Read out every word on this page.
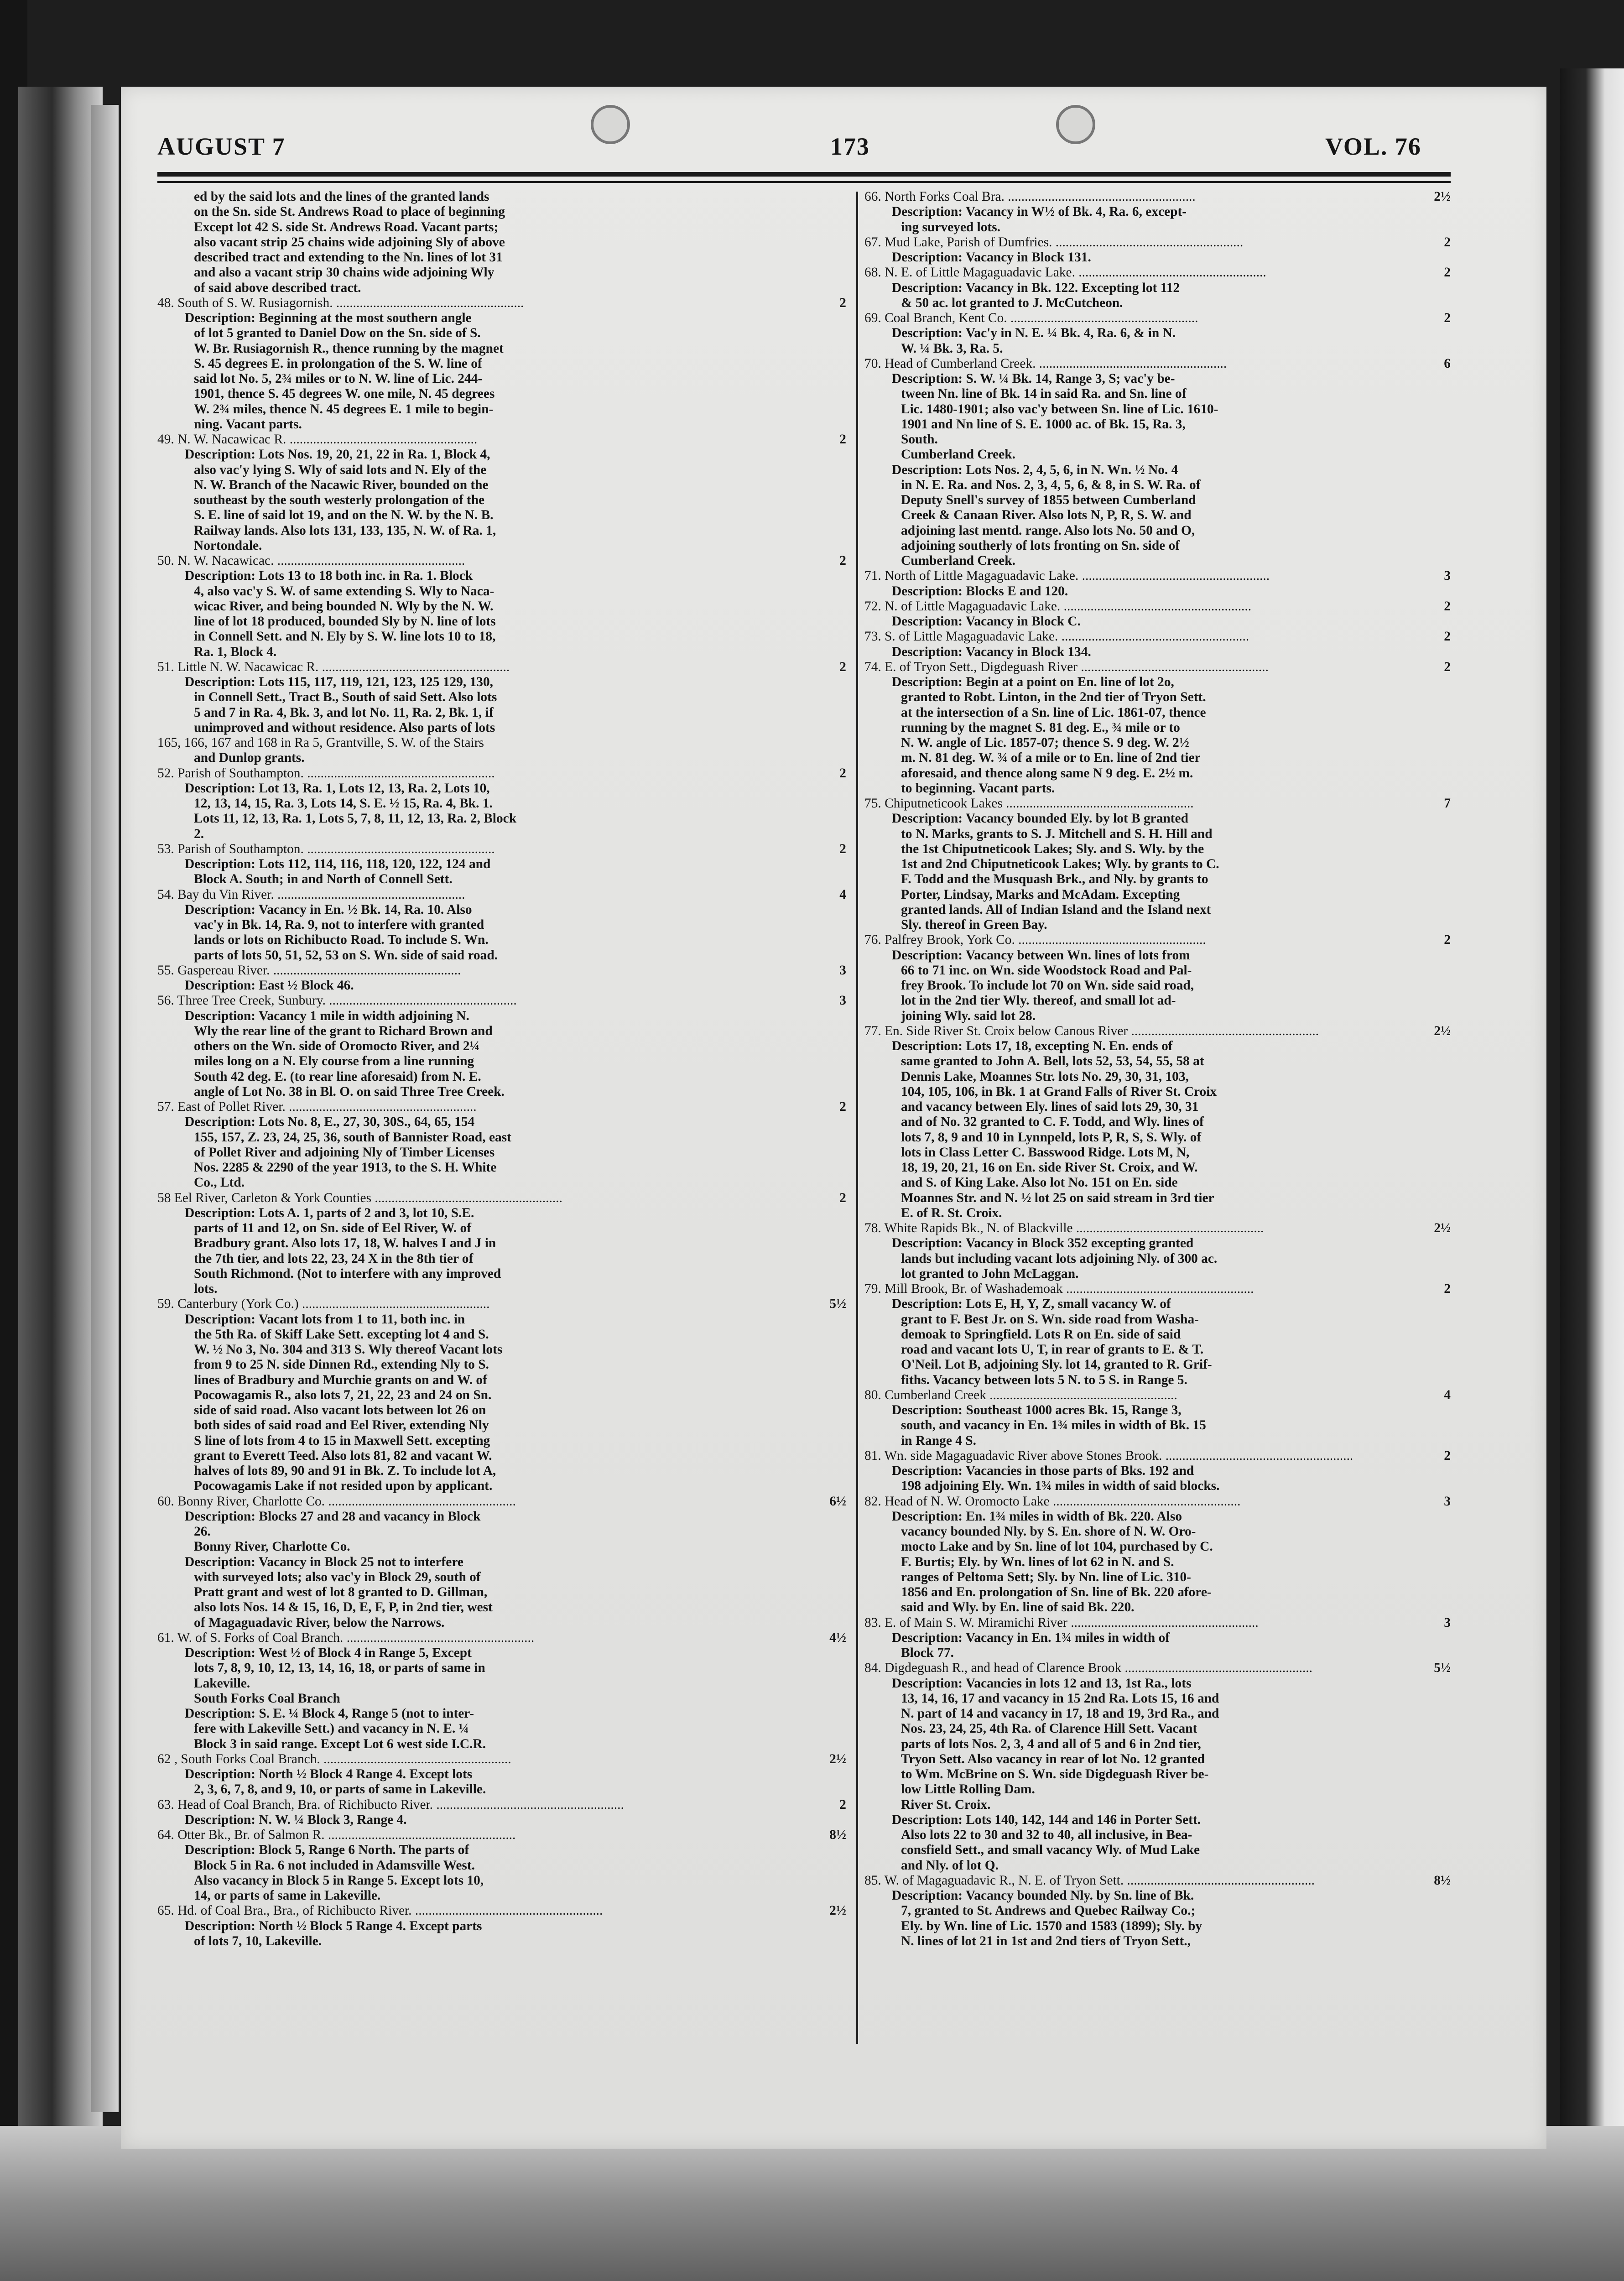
AUGUST 7	173	VOL. 76
ed by the said lots and the lines of the granted lands
on the Sn. side St. Andrews Road to place of beginning
Except lot 42 S. side St. Andrews Road. Vacant parts;
also vacant strip 25 chains wide adjoining Sly of above
described tract and extending to the Nn. lines of lot 31
and also a vacant strip 30 chains wide adjoining Wly
of said above described tract.
48. South of S. W. Rusiagornish. ........................................................	2
Description: Beginning at the most southern angle
of lot 5 granted to Daniel Dow on the Sn. side of S.
W. Br. Rusiagornish R., thence running by the magnet
S. 45 degrees E. in prolongation of the S. W. line of
said lot No. 5, 2¾ miles or to N. W. line of Lic. 244-
1901, thence S. 45 degrees W. one mile, N. 45 degrees
W. 2¾ miles, thence N. 45 degrees E. 1 mile to begin-
ning. Vacant parts.
49. N. W. Nacawicac R. ........................................................	2
Description: Lots Nos. 19, 20, 21, 22 in Ra. 1, Block 4,
also vac'y lying S. Wly of said lots and N. Ely of the
N. W. Branch of the Nacawic River, bounded on the
southeast by the south westerly prolongation of the
S. E. line of said lot 19, and on the N. W. by the N. B.
Railway lands. Also lots 131, 133, 135, N. W. of Ra. 1,
Nortondale.
50. N. W. Nacawicac. ........................................................	2
Description: Lots 13 to 18 both inc. in Ra. 1. Block
4, also vac'y S. W. of same extending S. Wly to Naca-
wicac River, and being bounded N. Wly by the N. W.
line of lot 18 produced, bounded Sly by N. line of lots
in Connell Sett. and N. Ely by S. W. line lots 10 to 18,
Ra. 1, Block 4.
51. Little N. W. Nacawicac R. ........................................................	2
Description: Lots 115, 117, 119, 121, 123, 125 129, 130,
in Connell Sett., Tract B., South of said Sett. Also lots
5 and 7 in Ra. 4, Bk. 3, and lot No. 11, Ra. 2, Bk. 1, if
unimproved and without residence. Also parts of lots
165, 166, 167 and 168 in Ra 5, Grantville, S. W. of the Stairs
and Dunlop grants.
52. Parish of Southampton. ........................................................	2
Description: Lot 13, Ra. 1, Lots 12, 13, Ra. 2, Lots 10,
12, 13, 14, 15, Ra. 3, Lots 14, S. E. ½ 15, Ra. 4, Bk. 1.
Lots 11, 12, 13, Ra. 1, Lots 5, 7, 8, 11, 12, 13, Ra. 2, Block
2.
53. Parish of Southampton. ........................................................	2
Description: Lots 112, 114, 116, 118, 120, 122, 124 and
Block A. South; in and North of Connell Sett.
54. Bay du Vin River. ........................................................	4
Description: Vacancy in En. ½ Bk. 14, Ra. 10. Also
vac'y in Bk. 14, Ra. 9, not to interfere with granted
lands or lots on Richibucto Road. To include S. Wn.
parts of lots 50, 51, 52, 53 on S. Wn. side of said road.
55. Gaspereau River. ........................................................	3
Description: East ½ Block 46.
56. Three Tree Creek, Sunbury. ........................................................	3
Description: Vacancy 1 mile in width adjoining N.
Wly the rear line of the grant to Richard Brown and
others on the Wn. side of Oromocto River, and 2¼
miles long on a N. Ely course from a line running
South 42 deg. E. (to rear line aforesaid) from N. E.
angle of Lot No. 38 in Bl. O. on said Three Tree Creek.
57. East of Pollet River. ........................................................	2
Description: Lots No. 8, E., 27, 30, 30S., 64, 65, 154
155, 157, Z. 23, 24, 25, 36, south of Bannister Road, east
of Pollet River and adjoining Nly of Timber Licenses
Nos. 2285 & 2290 of the year 1913, to the S. H. White
Co., Ltd.
58 Eel River, Carleton & York Counties ........................................................	2
Description: Lots A. 1, parts of 2 and 3, lot 10, S.E.
parts of 11 and 12, on Sn. side of Eel River, W. of
Bradbury grant. Also lots 17, 18, W. halves I and J in
the 7th tier, and lots 22, 23, 24 X in the 8th tier of
South Richmond. (Not to interfere with any improved
lots.
59. Canterbury (York Co.) ........................................................	5½
Description: Vacant lots from 1 to 11, both inc. in
the 5th Ra. of Skiff Lake Sett. excepting lot 4 and S.
W. ½ No 3, No. 304 and 313 S. Wly thereof Vacant lots
from 9 to 25 N. side Dinnen Rd., extending Nly to S.
lines of Bradbury and Murchie grants on and W. of
Pocowagamis R., also lots 7, 21, 22, 23 and 24 on Sn.
side of said road. Also vacant lots between lot 26 on
both sides of said road and Eel River, extending Nly
S line of lots from 4 to 15 in Maxwell Sett. excepting
grant to Everett Teed. Also lots 81, 82 and vacant W.
halves of lots 89, 90 and 91 in Bk. Z. To include lot A,
Pocowagamis Lake if not resided upon by applicant.
60. Bonny River, Charlotte Co. ........................................................	6½
Description: Blocks 27 and 28 and vacancy in Block
26.
Bonny River, Charlotte Co.
Description: Vacancy in Block 25 not to interfere
with surveyed lots; also vac'y in Block 29, south of
Pratt grant and west of lot 8 granted to D. Gillman,
also lots Nos. 14 & 15, 16, D, E, F, P, in 2nd tier, west
of Magaguadavic River, below the Narrows.
61. W. of S. Forks of Coal Branch. ........................................................	4½
Description: West ½ of Block 4 in Range 5, Except
lots 7, 8, 9, 10, 12, 13, 14, 16, 18, or parts of same in
Lakeville.
South Forks Coal Branch
Description: S. E. ¼ Block 4, Range 5 (not to inter-
fere with Lakeville Sett.) and vacancy in N. E. ¼
Block 3 in said range. Except Lot 6 west side I.C.R.
62 , South Forks Coal Branch. ........................................................	2½
Description: North ½ Block 4 Range 4. Except lots
2, 3, 6, 7, 8, and 9, 10, or parts of same in Lakeville.
63. Head of Coal Branch, Bra. of Richibucto River. ........................................................	2
Description: N. W. ¼ Block 3, Range 4.
64. Otter Bk., Br. of Salmon R. ........................................................	8½
Description: Block 5, Range 6 North. The parts of
Block 5 in Ra. 6 not included in Adamsville West.
Also vacancy in Block 5 in Range 5. Except lots 10,
14, or parts of same in Lakeville.
65. Hd. of Coal Bra., Bra., of Richibucto River. ........................................................	2½
Description: North ½ Block 5 Range 4. Except parts
of lots 7, 10, Lakeville.
66. North Forks Coal Bra. ........................................................	2½
Description: Vacancy in W½ of Bk. 4, Ra. 6, except-
ing surveyed lots.
67. Mud Lake, Parish of Dumfries. ........................................................	2
Description: Vacancy in Block 131.
68. N. E. of Little Magaguadavic Lake. ........................................................	2
Description: Vacancy in Bk. 122. Excepting lot 112
& 50 ac. lot granted to J. McCutcheon.
69. Coal Branch, Kent Co. ........................................................	2
Description: Vac'y in N. E. ¼ Bk. 4, Ra. 6, & in N.
W. ¼ Bk. 3, Ra. 5.
70. Head of Cumberland Creek. ........................................................	6
Description: S. W. ¼ Bk. 14, Range 3, S; vac'y be-
tween Nn. line of Bk. 14 in said Ra. and Sn. line of
Lic. 1480-1901; also vac'y between Sn. line of Lic. 1610-
1901 and Nn line of S. E. 1000 ac. of Bk. 15, Ra. 3,
South.
Cumberland Creek.
Description: Lots Nos. 2, 4, 5, 6, in N. Wn. ½ No. 4
in N. E. Ra. and Nos. 2, 3, 4, 5, 6, & 8, in S. W. Ra. of
Deputy Snell's survey of 1855 between Cumberland
Creek & Canaan River. Also lots N, P, R, S. W. and
adjoining last mentd. range. Also lots No. 50 and O,
adjoining southerly of lots fronting on Sn. side of
Cumberland Creek.
71. North of Little Magaguadavic Lake. ........................................................	3
Description: Blocks E and 120.
72. N. of Little Magaguadavic Lake. ........................................................	2
Description: Vacancy in Block C.
73. S. of Little Magaguadavic Lake. ........................................................	2
Description: Vacancy in Block 134.
74. E. of Tryon Sett., Digdeguash River ........................................................	2
Description: Begin at a point on En. line of lot 2o,
granted to Robt. Linton, in the 2nd tier of Tryon Sett.
at the intersection of a Sn. line of Lic. 1861-07, thence
running by the magnet S. 81 deg. E., ¾ mile or to
N. W. angle of Lic. 1857-07; thence S. 9 deg. W. 2½
m. N. 81 deg. W. ¾ of a mile or to En. line of 2nd tier
aforesaid, and thence along same N 9 deg. E. 2½ m.
to beginning. Vacant parts.
75. Chiputneticook Lakes ........................................................	7
Description: Vacancy bounded Ely. by lot B granted
to N. Marks, grants to S. J. Mitchell and S. H. Hill and
the 1st Chiputneticook Lakes; Sly. and S. Wly. by the
1st and 2nd Chiputneticook Lakes; Wly. by grants to C.
F. Todd and the Musquash Brk., and Nly. by grants to
Porter, Lindsay, Marks and McAdam. Excepting
granted lands. All of Indian Island and the Island next
Sly. thereof in Green Bay.
76. Palfrey Brook, York Co. ........................................................	2
Description: Vacancy between Wn. lines of lots from
66 to 71 inc. on Wn. side Woodstock Road and Pal-
frey Brook. To include lot 70 on Wn. side said road,
lot in the 2nd tier Wly. thereof, and small lot ad-
joining Wly. said lot 28.
77. En. Side River St. Croix below Canous River ........................................................	2½
Description: Lots 17, 18, excepting N. En. ends of
same granted to John A. Bell, lots 52, 53, 54, 55, 58 at
Dennis Lake, Moannes Str. lots No. 29, 30, 31, 103,
104, 105, 106, in Bk. 1 at Grand Falls of River St. Croix
and vacancy between Ely. lines of said lots 29, 30, 31
and of No. 32 granted to C. F. Todd, and Wly. lines of
lots 7, 8, 9 and 10 in Lynnpeld, lots P, R, S, S. Wly. of
lots in Class Letter C. Basswood Ridge. Lots M, N,
18, 19, 20, 21, 16 on En. side River St. Croix, and W.
and S. of King Lake. Also lot No. 151 on En. side
Moannes Str. and N. ½ lot 25 on said stream in 3rd tier
E. of R. St. Croix.
78. White Rapids Bk., N. of Blackville ........................................................	2½
Description: Vacancy in Block 352 excepting granted
lands but including vacant lots adjoining Nly. of 300 ac.
lot granted to John McLaggan.
79. Mill Brook, Br. of Washademoak ........................................................	2
Description: Lots E, H, Y, Z, small vacancy W. of
grant to F. Best Jr. on S. Wn. side road from Washa-
demoak to Springfield. Lots R on En. side of said
road and vacant lots U, T, in rear of grants to E. & T.
O'Neil. Lot B, adjoining Sly. lot 14, granted to R. Grif-
fiths. Vacancy between lots 5 N. to 5 S. in Range 5.
80. Cumberland Creek ........................................................	4
Description: Southeast 1000 acres Bk. 15, Range 3,
south, and vacancy in En. 1¾ miles in width of Bk. 15
in Range 4 S.
81. Wn. side Magaguadavic River above Stones Brook. ........................................................	2
Description: Vacancies in those parts of Bks. 192 and
198 adjoining Ely. Wn. 1¾ miles in width of said blocks.
82. Head of N. W. Oromocto Lake ........................................................	3
Description: En. 1¾ miles in width of Bk. 220. Also
vacancy bounded Nly. by S. En. shore of N. W. Oro-
mocto Lake and by Sn. line of lot 104, purchased by C.
F. Burtis; Ely. by Wn. lines of lot 62 in N. and S.
ranges of Peltoma Sett; Sly. by Nn. line of Lic. 310-
1856 and En. prolongation of Sn. line of Bk. 220 afore-
said and Wly. by En. line of said Bk. 220.
83. E. of Main S. W. Miramichi River ........................................................	3
Description: Vacancy in En. 1¾ miles in width of
Block 77.
84. Digdeguash R., and head of Clarence Brook ........................................................	5½
Description: Vacancies in lots 12 and 13, 1st Ra., lots
13, 14, 16, 17 and vacancy in 15 2nd Ra. Lots 15, 16 and
N. part of 14 and vacancy in 17, 18 and 19, 3rd Ra., and
Nos. 23, 24, 25, 4th Ra. of Clarence Hill Sett. Vacant
parts of lots Nos. 2, 3, 4 and all of 5 and 6 in 2nd tier,
Tryon Sett. Also vacancy in rear of lot No. 12 granted
to Wm. McBrine on S. Wn. side Digdeguash River be-
low Little Rolling Dam.
River St. Croix.
Description: Lots 140, 142, 144 and 146 in Porter Sett.
Also lots 22 to 30 and 32 to 40, all inclusive, in Bea-
consfield Sett., and small vacancy Wly. of Mud Lake
and Nly. of lot Q.
85. W. of Magaguadavic R., N. E. of Tryon Sett. ........................................................	8½
Description: Vacancy bounded Nly. by Sn. line of Bk.
7, granted to St. Andrews and Quebec Railway Co.;
Ely. by Wn. line of Lic. 1570 and 1583 (1899); Sly. by
N. lines of lot 21 in 1st and 2nd tiers of Tryon Sett.,
